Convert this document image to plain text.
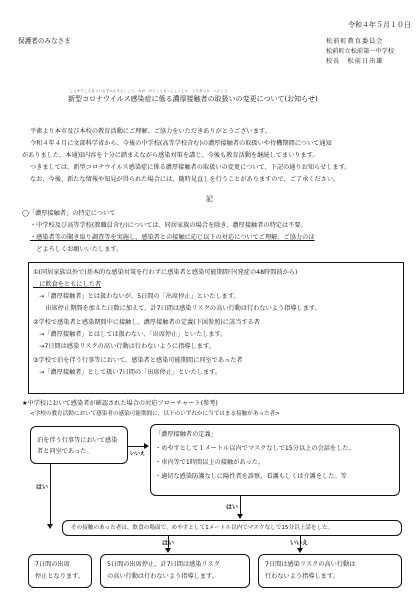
令和４年５月１０日
保護者のみなさま	松前町教育委員会
松前町立松前第一中学校
校長　松前日出雄
しんがたころなういるすかんせんしょう　かか　のうこうせっしょくしゃ　とりあつか　へんこう
新型コロナウイルス感染症に係る濃厚接触者の取扱いの変更について(お知らせ)
平素より本市及び本校の教育活動にご理解、ご協力をいただきありがとうございます。
令和４年４月に文部科学省から、今後の中学校(高等学校含む)の濃厚接触者の取扱いや待機期間について通知
がありました。本通知内容を十分に踏まえながら感染対策を講じ、今後も教育活動を継続してまいります。
つきましては、新型コロナウイルス感染症に係る濃厚接触者の取扱いの変更について、下記の通りお知らせします。
なお、今後、新たな情報や知見が得られた場合には、随時見直しを行うことがありますので、ご了承ください。
記
◯「濃厚接触者」の特定について
・中学校及び高等学校(教職員含む)については、同居家族の場合を除き、濃厚接触者の特定は不要。
・感染者等の聞き取り調査等を実施し、感染者との接触に応じ以下の対応についてご理解、ご協力のほ
　どよろしくお願いいたします。
①(同居家族以外で)基本的な感染対策を行わずに感染者と感染可能期間中(発症の48時間前から)
　に飲食をともにした者
　→「濃厚接触者」とは扱わないが、5日間の「出席停止」といたします。
　　出席停止期間を加えた日数に加えて、計7日間は感染リスクの高い行動は行わないよう指導します。
②学校で感染者と感染期間中に接触し、濃厚接触者の定義(下図参照)に該当する者
　→「濃厚接触者」とはしては扱わない、「出席停止」といたします。
　→7日間は感染リスクの高い行動は行わないように指導します。
③学校で泊を伴う行事等において、感染者と感染可能期間に同室であった者
　→「濃厚接触者」として扱い7日間の「出席停止」といたします。
★中学校において感染者が確認された場合の対応フローチャート(参考)
<学校の教育活動において感染者の感染可能期間に、以下のいずれかに当てはまる接触があった者>
泊を伴う行事等において感染者と同室であった。
「濃厚接触者の定義」
・めやすとして１メートル以内でマスクなしで15分以上の会話をした。
・車内等で1時間以上の接触があった。
・適切な感染防護なしに陽性者を診察、看護もしくは介護をした。等
いいえ
はい
はい
その接触のあった者は、飲食の場面で、めやすとして1メートル以内でマスクなしで15分以上話をした。
はい	いいえ
7日間の出席
停止となります。
5日間の出席停止、計7日間は感染リスク
の高い行動は行わないよう指導します。
7日間は感染リスクの高い行動は
行わないよう指導します。
